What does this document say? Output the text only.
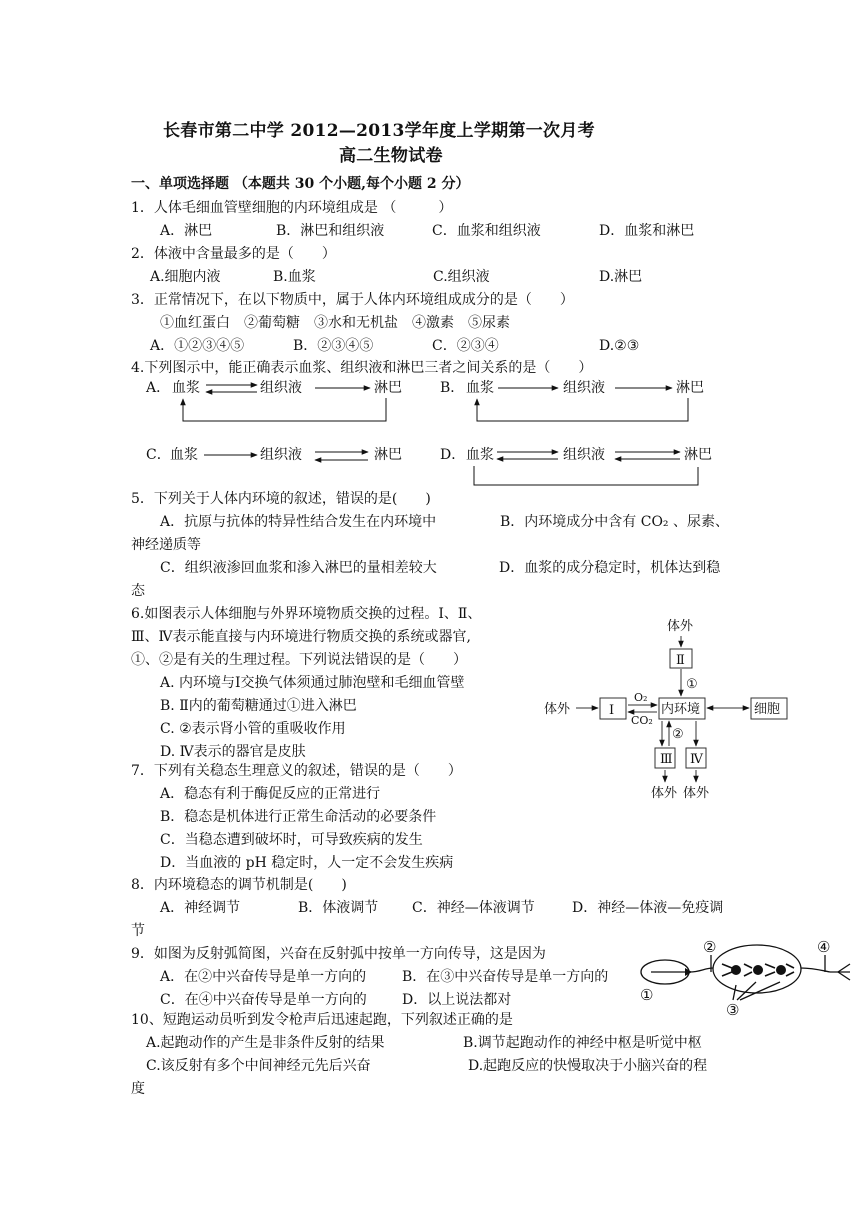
长春市第二中学 2012—2013学年度上学期第一次月考
高二生物试卷
一、单项选择题 （本题共 30 个小题,每个小题 2 分）
1．人体毛细血管壁细胞的内环境组成是 （　　　）
A．淋巴	B．淋巴和组织液	C．血浆和组织液	D．血浆和淋巴
2．体液中含量最多的是（　　）
A.细胞内液	B.血浆	C.组织液	D.淋巴
3．正常情况下，在以下物质中，属于人体内环境组成成分的是（　　）
①血红蛋白　②葡萄糖　③水和无机盐　④激素　⑤尿素
A．①②③④⑤	B．②③④⑤	C．②③④	D.②③
4.下列图示中，能正确表示血浆、组织液和淋巴三者之间关系的是（　　）
A． 血浆	组织液	淋巴	B． 血浆	组织液	淋巴
C． 血浆	组织液	淋巴	D． 血浆	组织液	淋巴
5．下列关于人体内环境的叙述，错误的是(　　)
A．抗原与抗体的特异性结合发生在内环境中	B．内环境成分中含有 CO₂ 、尿素、
神经递质等
C．组织液渗回血浆和渗入淋巴的量相差较大	D．血浆的成分稳定时，机体达到稳
态
6.如图表示人体细胞与外界环境物质交换的过程。Ⅰ、Ⅱ、
Ⅲ、Ⅳ表示能直接与内环境进行物质交换的系统或器官,
①、②是有关的生理过程。下列说法错误的是（　　）
A. 内环境与Ⅰ交换气体须通过肺泡壁和毛细血管壁
B. Ⅱ内的葡萄糖通过①进入淋巴
C. ②表示肾小管的重吸收作用
D. Ⅳ表示的器官是皮肤
体外
Ⅱ
①
体外	Ⅰ
O₂
CO₂
内环境	细胞
②
Ⅲ Ⅳ
体外 体外
7．下列有关稳态生理意义的叙述，错误的是（　　）
A．稳态有利于酶促反应的正常进行
B．稳态是机体进行正常生命活动的必要条件
C．当稳态遭到破坏时，可导致疾病的发生
D．当血液的 pH 稳定时，人一定不会发生疾病
8．内环境稳态的调节机制是(　　)
A．神经调节	B．体液调节 C．神经—体液调节	D．神经—体液—免疫调
节
9．如图为反射弧简图，兴奋在反射弧中按单一方向传导，这是因为
A．在②中兴奋传导是单一方向的	B．在③中兴奋传导是单一方向的
C．在④中兴奋传导是单一方向的	D．以上说法都对	①
②
③
④
10、短跑运动员听到发令枪声后迅速起跑，下列叙述正确的是
A.起跑动作的产生是非条件反射的结果	B.调节起跑动作的神经中枢是听觉中枢
C.该反射有多个中间神经元先后兴奋	D.起跑反应的快慢取决于小脑兴奋的程
度
